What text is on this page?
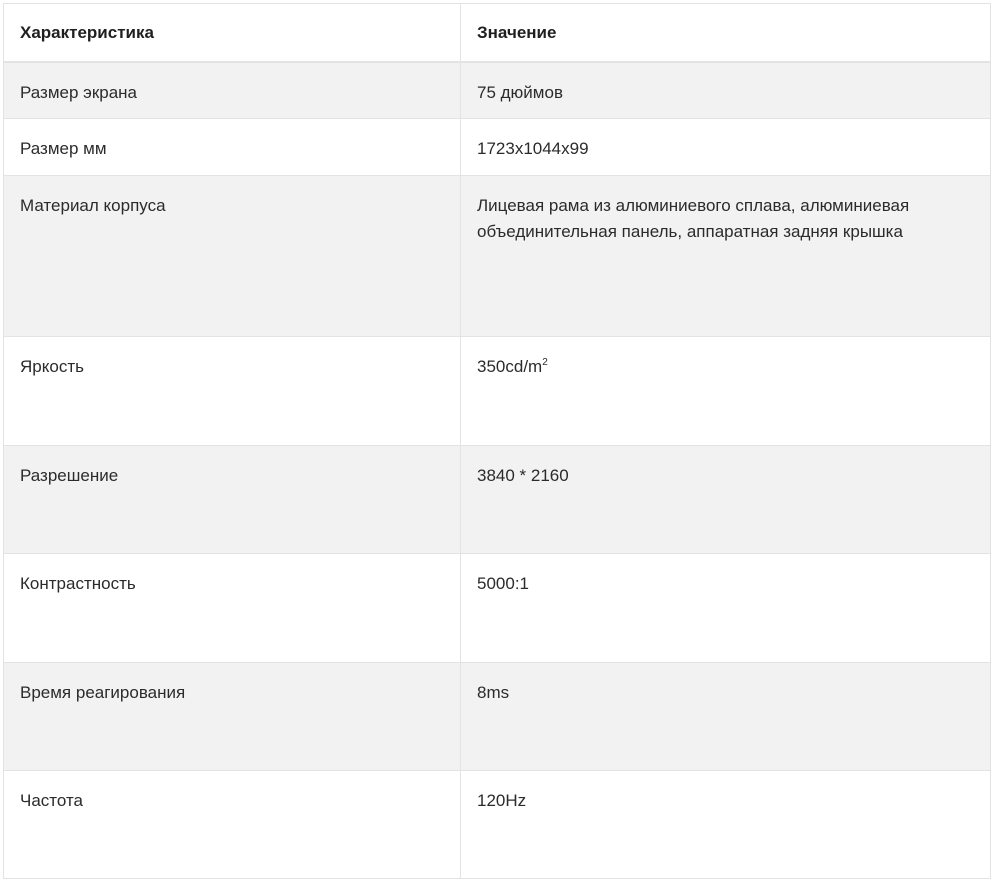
Характеристика	Значение
Размер экрана	75 дюймов
Размер мм	1723x1044x99
Материал корпуса	Лицевая рама из алюминиевого сплава, алюминиевая объединительная панель, аппаратная задняя крышка
Яркость	$350cd/m^2$
Разрешение	3840 * 2160
Контрастность	5000:1
Время реагирования	8ms
Частота	120Hz
